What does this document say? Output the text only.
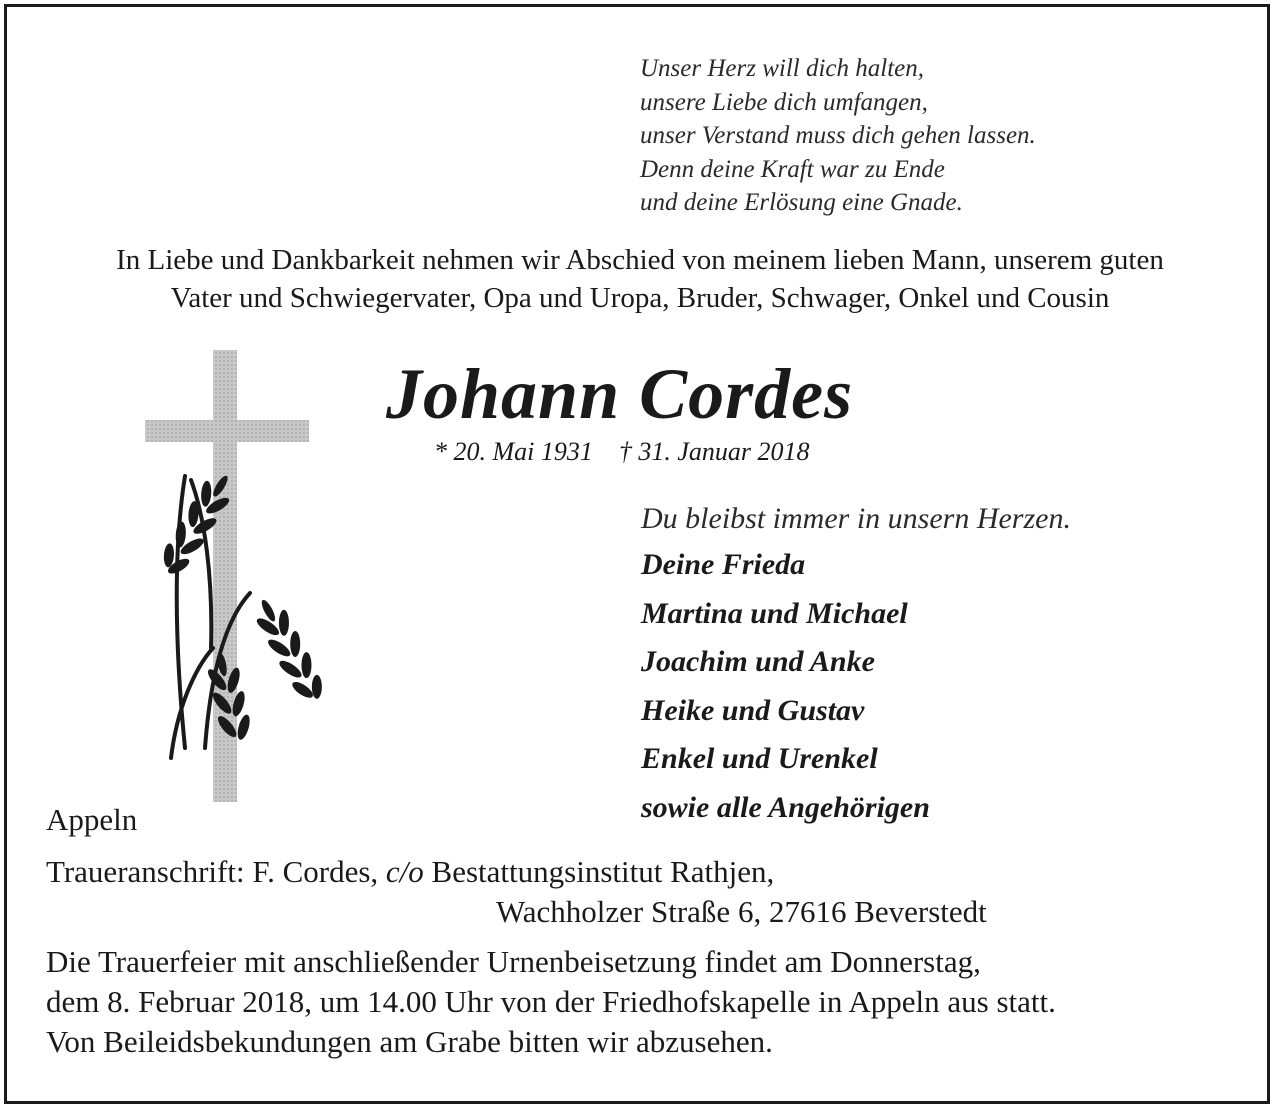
Unser Herz will dich halten,
unsere Liebe dich umfangen,
unser Verstand muss dich gehen lassen.
Denn deine Kraft war zu Ende
und deine Erlösung eine Gnade.
In Liebe und Dankbarkeit nehmen wir Abschied von meinem lieben Mann, unserem guten
Vater und Schwiegervater, Opa und Uropa, Bruder, Schwager, Onkel und Cousin
Johann Cordes
* 20. Mai 1931 † 31. Januar 2018
Du bleibst immer in unsern Herzen.
Deine Frieda
Martina und Michael
Joachim und Anke
Heike und Gustav
Enkel und Urenkel
sowie alle Angehörigen
Appeln
Traueranschrift: F. Cordes, c/o Bestattungsinstitut Rathjen,
Wachholzer Straße 6, 27616 Beverstedt
Die Trauerfeier mit anschließender Urnenbeisetzung findet am Donnerstag,
dem 8. Februar 2018, um 14.00 Uhr von der Friedhofskapelle in Appeln aus statt.
Von Beileidsbekundungen am Grabe bitten wir abzusehen.
